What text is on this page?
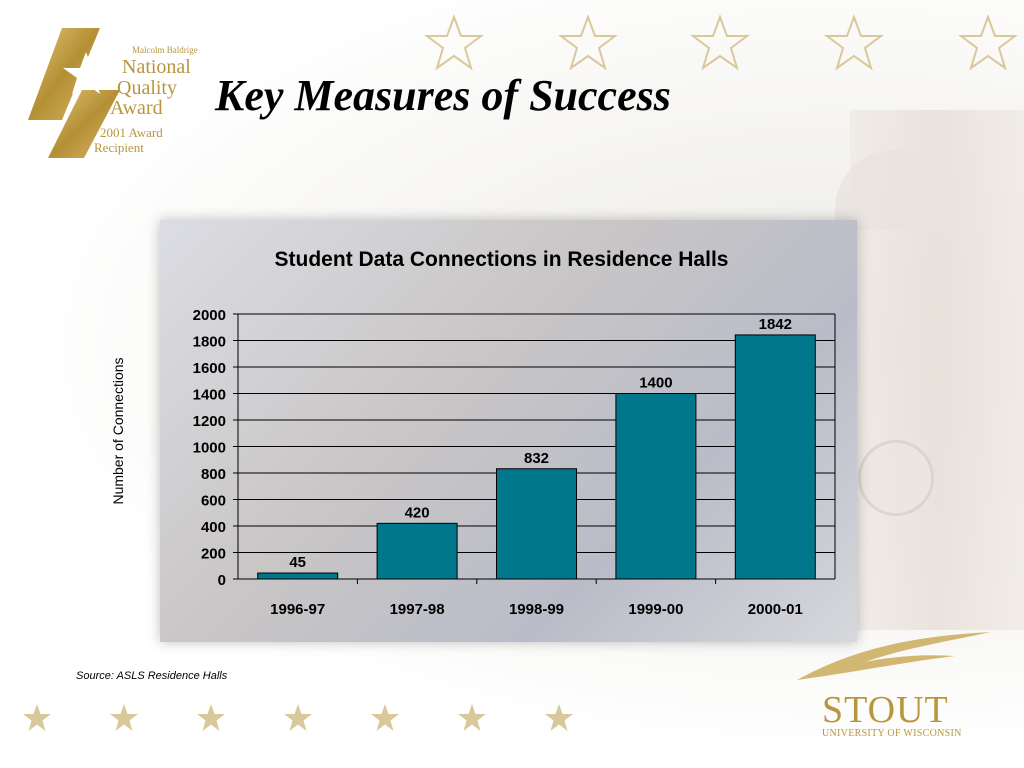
Malcolm Baldrige
National
Quality
Award
2001 Award
Recipient
Key Measures of Success
Student Data Connections in Residence Halls
0
200
400
600
800
1000
1200
1400
1600
1800
2000
45
1996-97
420
1997-98
832
1998-99
1400
1999-00
1842
2000-01
Number of Connections
Source: ASLS Residence Halls
STOUT
UNIVERSITY OF WISCONSIN
